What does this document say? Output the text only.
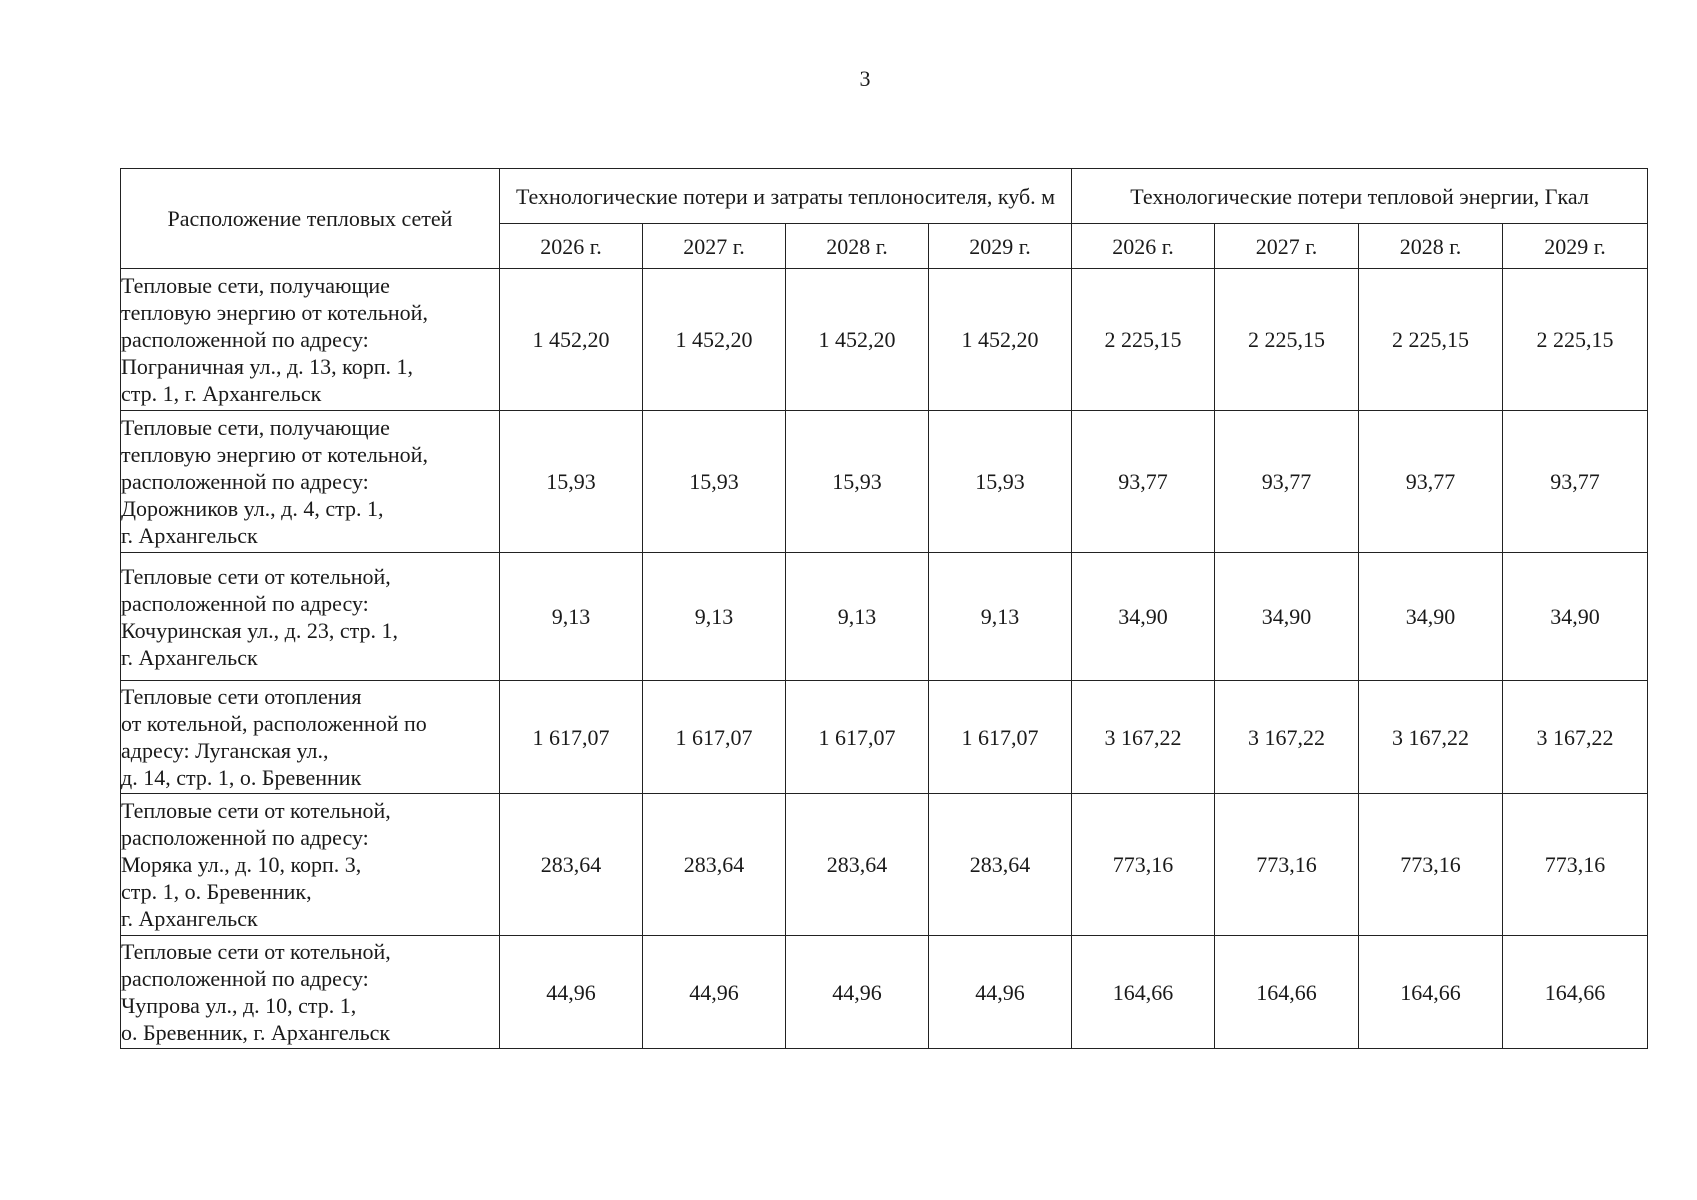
3
Расположение тепловых сетей	Технологические потери и затраты теплоносителя, куб. м				Технологические потери тепловой энергии, Гкал			
	2026 г.	2027 г.	2028 г.	2029 г.	2026 г.	2027 г.	2028 г.	2029 г.
Тепловые сети, получающие
тепловую энергию от котельной,
расположенной по адресу:
Пограничная ул., д. 13, корп. 1,
стр. 1, г. Архангельск	1 452,20	1 452,20	1 452,20	1 452,20	2 225,15	2 225,15	2 225,15	2 225,15
Тепловые сети, получающие
тепловую энергию от котельной,
расположенной по адресу:
Дорожников ул., д. 4, стр. 1,
г. Архангельск	15,93	15,93	15,93	15,93	93,77	93,77	93,77	93,77
Тепловые сети от котельной,
расположенной по адресу:
Кочуринская ул., д. 23, стр. 1,
г. Архангельск	9,13	9,13	9,13	9,13	34,90	34,90	34,90	34,90
Тепловые сети отопления
от котельной, расположенной по
адресу: Луганская ул.,
д. 14, стр. 1, о. Бревенник	1 617,07	1 617,07	1 617,07	1 617,07	3 167,22	3 167,22	3 167,22	3 167,22
Тепловые сети от котельной,
расположенной по адресу:
Моряка ул., д. 10, корп. 3,
стр. 1, о. Бревенник,
г. Архангельск	283,64	283,64	283,64	283,64	773,16	773,16	773,16	773,16
Тепловые сети от котельной,
расположенной по адресу:
Чупрова ул., д. 10, стр. 1,
о. Бревенник, г. Архангельск	44,96	44,96	44,96	44,96	164,66	164,66	164,66	164,66
